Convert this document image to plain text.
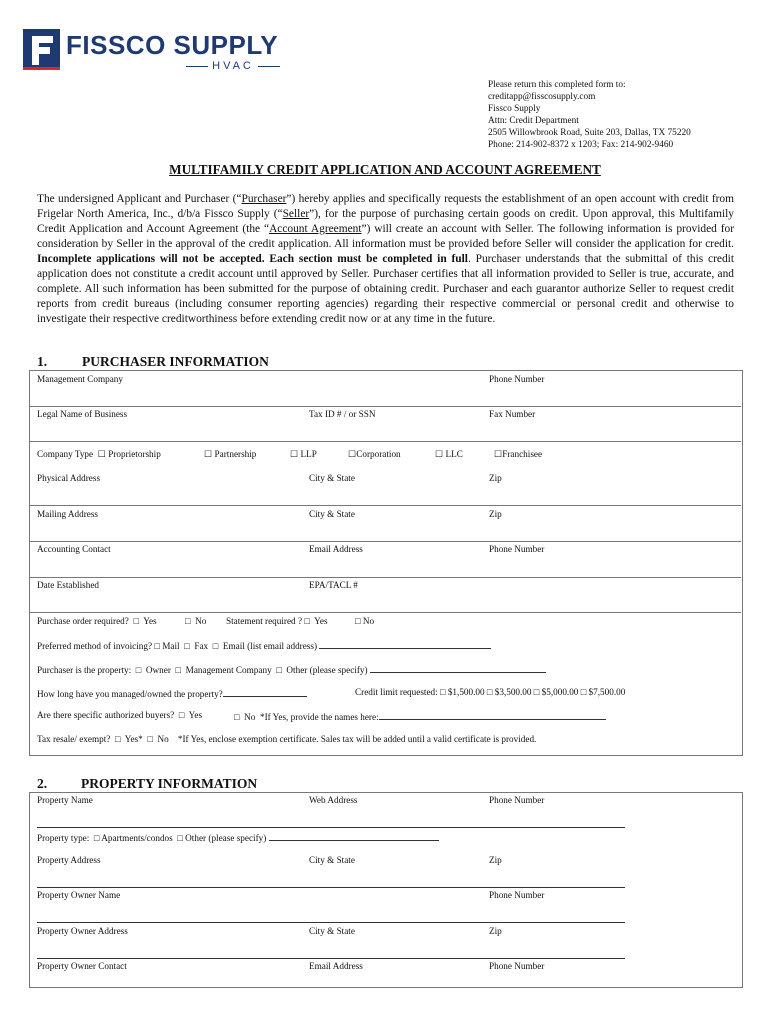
FISSCO SUPPLY
HVAC
Please return this completed form to:
creditapp@fisscosupply.com
Fissco Supply
Attn: Credit Department
2505 Willowbrook Road, Suite 203, Dallas, TX 75220
Phone: 214-902-8372 x 1203; Fax: 214-902-9460
MULTIFAMILY CREDIT APPLICATION AND ACCOUNT AGREEMENT
The undersigned Applicant and Purchaser (“Purchaser”) hereby applies and specifically requests the establishment of an open account with credit from Frigelar North America, Inc., d/b/a Fissco Supply (“Seller”), for the purpose of purchasing certain goods on credit. Upon approval, this Multifamily Credit Application and Account Agreement (the “Account Agreement”) will create an account with Seller. The following information is provided for consideration by Seller in the approval of the credit application. All information must be provided before Seller will consider the application for credit. Incomplete applications will not be accepted. Each section must be completed in full. Purchaser understands that the submittal of this credit application does not constitute a credit account until approved by Seller. Purchaser certifies that all information provided to Seller is true, accurate, and complete. All such information has been submitted for the purpose of obtaining credit. Purchaser and each guarantor authorize Seller to request credit reports from credit bureaus (including consumer reporting agencies) regarding their respective commercial or personal credit and otherwise to investigate their respective creditworthiness before extending credit now or at any time in the future.
1.	PURCHASER INFORMATION
Management Company	Phone Number
Legal Name of Business	Tax ID # / or SSN	Fax Number
Company Type ☐ Proprietorship	☐ Partnership	☐ LLP	☐Corporation	☐ LLC	☐Franchisee
Physical Address	City & State	Zip
Mailing Address	City & State	Zip
Accounting Contact	Email Address	Phone Number
Date Established	EPA/TACL #
Purchase order required? □ Yes	□ No Statement required ? □ Yes	□ No
Preferred method of invoicing? □ Mail □ Fax □ Email (list email address)
Purchaser is the property: □ Owner □ Management Company □ Other (please specify)
How long have you managed/owned the property?	Credit limit requested: □ $1,500.00 □ $3,500.00 □ $5,000.00 □ $7,500.00
Are there specific authorized buyers? □ Yes	□ No *If Yes, provide the names here:
Tax resale/ exempt? □ Yes* □ No *If Yes, enclose exemption certificate. Sales tax will be added until a valid certificate is provided.
2.	PROPERTY INFORMATION
Property Name	Web Address	Phone Number
Property type: □ Apartments/condos □ Other (please specify)
Property Address	City & State	Zip
Property Owner Name	Phone Number
Property Owner Address	City & State	Zip
Property Owner Contact	Email Address	Phone Number
